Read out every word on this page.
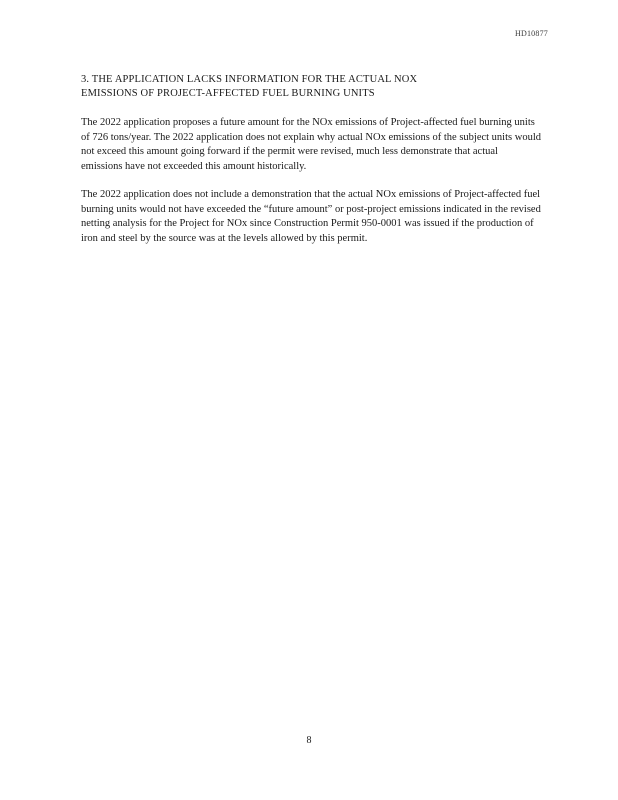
HD10877
3. THE APPLICATION LACKS INFORMATION FOR THE ACTUAL NOX
EMISSIONS OF PROJECT-AFFECTED FUEL BURNING UNITS

The 2022 application proposes a future amount for the NOx emissions of Project-affected fuel burning units of 726 tons/year. The 2022 application does not explain why actual NOx emissions of the subject units would not exceed this amount going forward if the permit were revised, much less demonstrate that actual emissions have not exceeded this amount historically.

The 2022 application does not include a demonstration that the actual NOx emissions of Project-affected fuel burning units would not have exceeded the “future amount” or post-project emissions indicated in the revised netting analysis for the Project for NOx since Construction Permit 950-0001 was issued if the production of iron and steel by the source was at the levels allowed by this permit.

8
